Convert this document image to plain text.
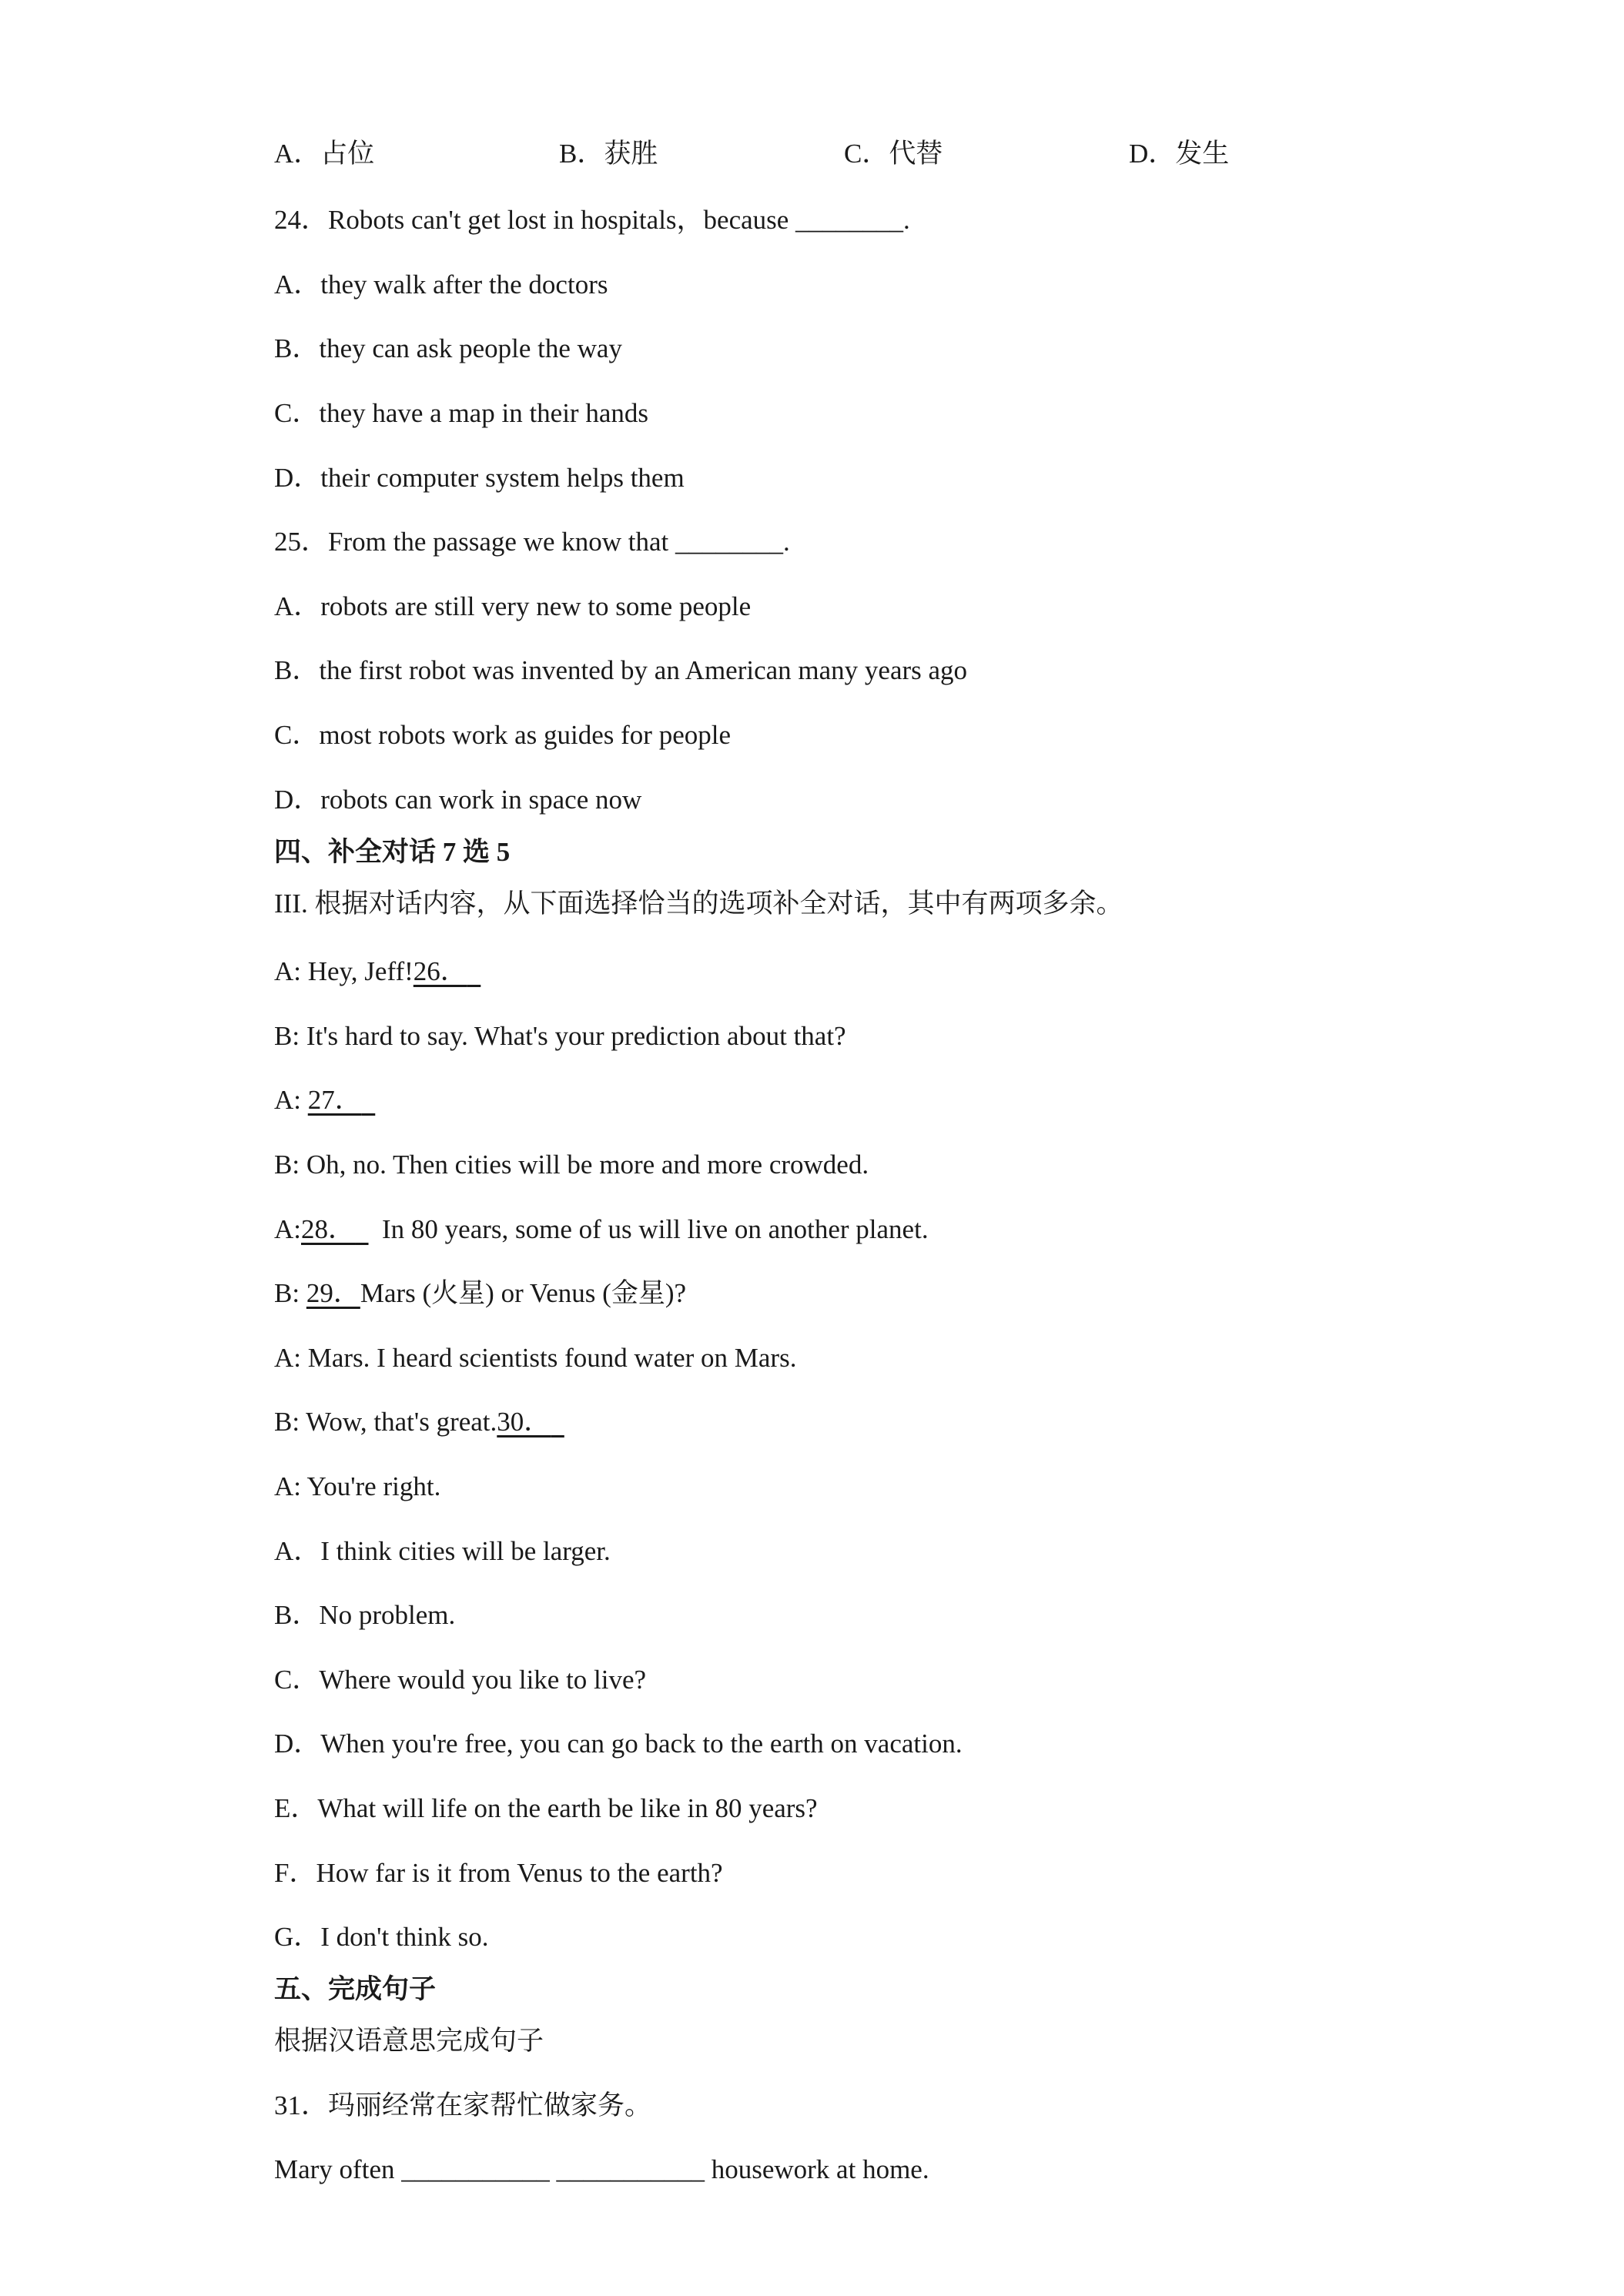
A．占位	B．获胜	C．代替	D．发生
24．Robots can't get lost in hospitals，because ________.
A．they walk after the doctors
B．they can ask people the way
C．they have a map in their hands
D．their computer system helps them
25．From the passage we know that ________.
A．robots are still very new to some people
B．the first robot was invented by an American many years ago
C．most robots work as guides for people
D．robots can work in space now
四、补全对话 7 选 5
III. 根据对话内容，从下面选择恰当的选项补全对话，其中有两项多余。
A: Hey, Jeff!26．
B: It's hard to say. What's your prediction about that?
A: 27．
B: Oh, no. Then cities will be more and more crowded.
A:28．    In 80 years, some of us will live on another planet.
B: 29．Mars (火星) or Venus (金星)?
A: Mars. I heard scientists found water on Mars.
B: Wow, that's great.30．
A: You're right.
A．I think cities will be larger.
B．No problem.
C．Where would you like to live?
D．When you're free, you can go back to the earth on vacation.
E．What will life on the earth be like in 80 years?
F．How far is it from Venus to the earth?
G．I don't think so.
五、完成句子
根据汉语意思完成句子
31．玛丽经常在家帮忙做家务。
Mary often ___________ ___________ housework at home.
